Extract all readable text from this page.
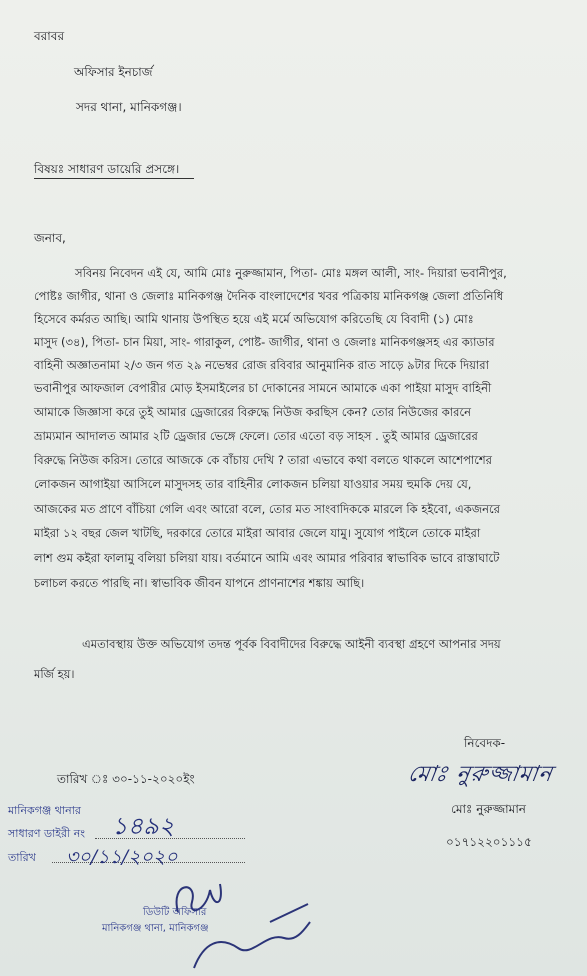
বরাবর
অফিসার ইনচার্জ
সদর থানা, মানিকগঞ্জ।
বিষয়ঃ সাধারণ ডায়েরি প্রসঙ্গে।
জনাব,
সবিনয় নিবেদন এই যে, আমি মোঃ নুরুজ্জামান, পিতা- মোঃ মঙ্গল আলী, সাং- দিয়ারা ভবানীপুর,
পোষ্টঃ জাগীর, থানা ও জেলাঃ মানিকগঞ্জ দৈনিক বাংলাদেশের খবর পত্রিকায় মানিকগঞ্জ জেলা প্রতিনিধি
হিসেবে কর্মরত আছি। আমি থানায় উপস্থিত হয়ে এই মর্মে অভিযোগ করিতেছি যে বিবাদী (১) মোঃ
মাসুদ (৩৪), পিতা- চান মিয়া, সাং- গারাকুল, পোষ্ট- জাগীর, থানা ও জেলাঃ মানিকগঞ্জসহ এর ক্যাডার
বাহিনী অজ্ঞাতনামা ২/৩ জন গত ২৯ নভেম্বর রোজ রবিবার আনুমানিক রাত সাড়ে ৯টার দিকে দিয়ারা
ভবানীপুর আফজাল বেপারীর মোড় ইসমাইলের চা দোকানের সামনে আমাকে একা পাইয়া মাসুদ বাহিনী
আমাকে জিজ্ঞাসা করে তুই আমার ড্রেজারের বিরুদ্ধে নিউজ করছিস কেন? তোর নিউজের কারনে
ভ্রাম্যমান আদালত আমার ২টি ড্রেজার ভেঙ্গে ফেলে। তোর এতো বড় সাহস . তুই আমার ড্রেজারের
বিরুদ্ধে নিউজ করিস। তোরে আজকে কে বাঁচায় দেখি ? তারা এভাবে কথা বলতে থাকলে আশেপাশের
লোকজন আগাইয়া আসিলে মাসুদসহ তার বাহিনীর লোকজন চলিয়া যাওয়ার সময় হুমকি দেয় যে,
আজকের মত প্রাণে বাঁচিয়া গেলি এবং আরো বলে, তোর মত সাংবাদিককে মারলে কি হইবো, একজনরে
মাইরা ১২ বছর জেল খাটছি, দরকারে তোরে মাইরা আবার জেলে যামু। সুযোগ পাইলে তোকে মাইরা
লাশ গুম কইরা ফালামু বলিয়া চলিয়া যায়। বর্তমানে আমি এবং আমার পরিবার স্বাভাবিক ভাবে রাস্তাঘাটে
চলাচল করতে পারছি না। স্বাভাবিক জীবন যাপনে প্রাণনাশের শঙ্কায় আছি।
এমতাবস্থায় উক্ত অভিযোগ তদন্ত পূর্বক বিবাদীদের বিরুদ্ধে আইনী ব্যবস্থা গ্রহণে আপনার সদয়
মর্জি হয়।
নিবেদক-
মোঃ নুরুজ্জামান
মোঃ নুরুজ্জামান
০১৭১২২০১১১৫
তারিখ ঃ ৩০-১১-২০২০ইং
মানিকগঞ্জ থানার
সাধারণ ডাইরী নং ১৪৯২
তারিখ ৩০/১১/২০২০
ডিউটি অফিসার
মানিকগঞ্জ থানা, মানিকগঞ্জ
